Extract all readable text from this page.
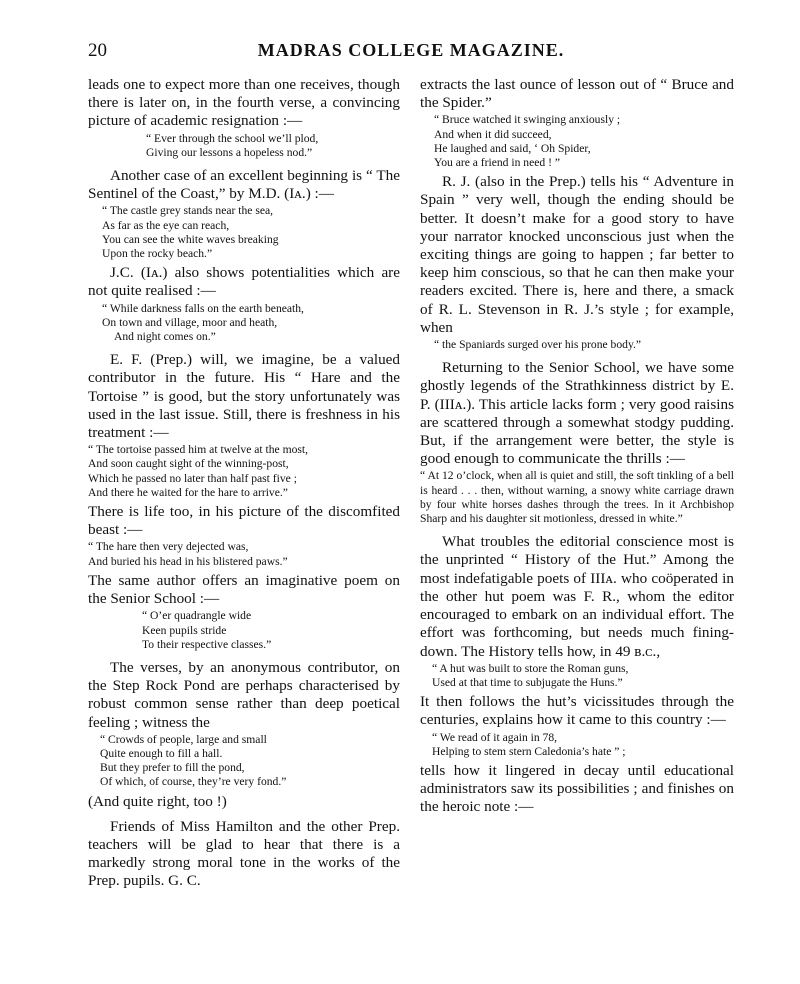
20	MADRAS COLLEGE MAGAZINE.

leads one to expect more than one receives, though there is later on, in the fourth verse, a convincing picture of academic resignation :—

“ Ever through the school we’ll plod,
Giving our lessons a hopeless nod.”

Another case of an excellent beginning is “ The Sentinel of the Coast,” by M.D. (Iᴀ.) :—

“ The castle grey stands near the sea,
As far as the eye can reach,
You can see the white waves breaking
Upon the rocky beach.”

J.C. (Iᴀ.) also shows potentialities which are not quite realised :—

“ While darkness falls on the earth beneath,
On town and village, moor and heath,
And night comes on.”

E. F. (Prep.) will, we imagine, be a valued contributor in the future. His “ Hare and the Tortoise ” is good, but the story unfortunately was used in the last issue. Still, there is freshness in his treatment :—

“ The tortoise passed him at twelve at the most,
And soon caught sight of the winning-post,
Which he passed no later than half past five ;
And there he waited for the hare to arrive.”

There is life too, in his picture of the discomfited beast :—

“ The hare then very dejected was,
And buried his head in his blistered paws.”

The same author offers an imaginative poem on the Senior School :—

“ O’er quadrangle wide
Keen pupils stride
To their respective classes.”

The verses, by an anonymous contributor, on the Step Rock Pond are perhaps characterised by robust common sense rather than deep poetical feeling ; witness the

“ Crowds of people, large and small
Quite enough to fill a hall.
But they prefer to fill the pond,
Of which, of course, they’re very fond.”

(And quite right, too !)

Friends of Miss Hamilton and the other Prep. teachers will be glad to hear that there is a markedly strong moral tone in the works of the Prep. pupils. G. C.

extracts the last ounce of lesson out of “ Bruce and the Spider.”

“ Bruce watched it swinging anxiously ;
And when it did succeed,
He laughed and said, ‘ Oh Spider,
You are a friend in need ! ”

R. J. (also in the Prep.) tells his “ Adventure in Spain ” very well, though the ending should be better. It doesn’t make for a good story to have your narrator knocked unconscious just when the exciting things are going to happen ; far better to keep him conscious, so that he can then make your readers excited. There is, here and there, a smack of R. L. Stevenson in R. J.’s style ; for example, when

“ the Spaniards surged over his prone body.”

Returning to the Senior School, we have some ghostly legends of the Strathkinness district by E. P. (IIIᴀ.). This article lacks form ; very good raisins are scattered through a somewhat stodgy pudding. But, if the arrangement were better, the style is good enough to communicate the thrills :—

“ At 12 o’clock, when all is quiet and still, the soft tinkling of a bell is heard . . . then, without warning, a snowy white carriage drawn by four white horses dashes through the trees. In it Archbishop Sharp and his daughter sit motionless, dressed in white.”

What troubles the editorial conscience most is the unprinted “ History of the Hut.” Among the most indefatigable poets of IIIᴀ. who coöperated in the other hut poem was F. R., whom the editor encouraged to embark on an individual effort. The effort was forthcoming, but needs much fining-down. The History tells how, in 49 ʙ.ᴄ.,

“ A hut was built to store the Roman guns,
Used at that time to subjugate the Huns.”

It then follows the hut’s vicissitudes through the centuries, explains how it came to this country :—

“ We read of it again in 78,
Helping to stem stern Caledonia’s hate ” ;

tells how it lingered in decay until educational administrators saw its possibilities ; and finishes on the heroic note :—
